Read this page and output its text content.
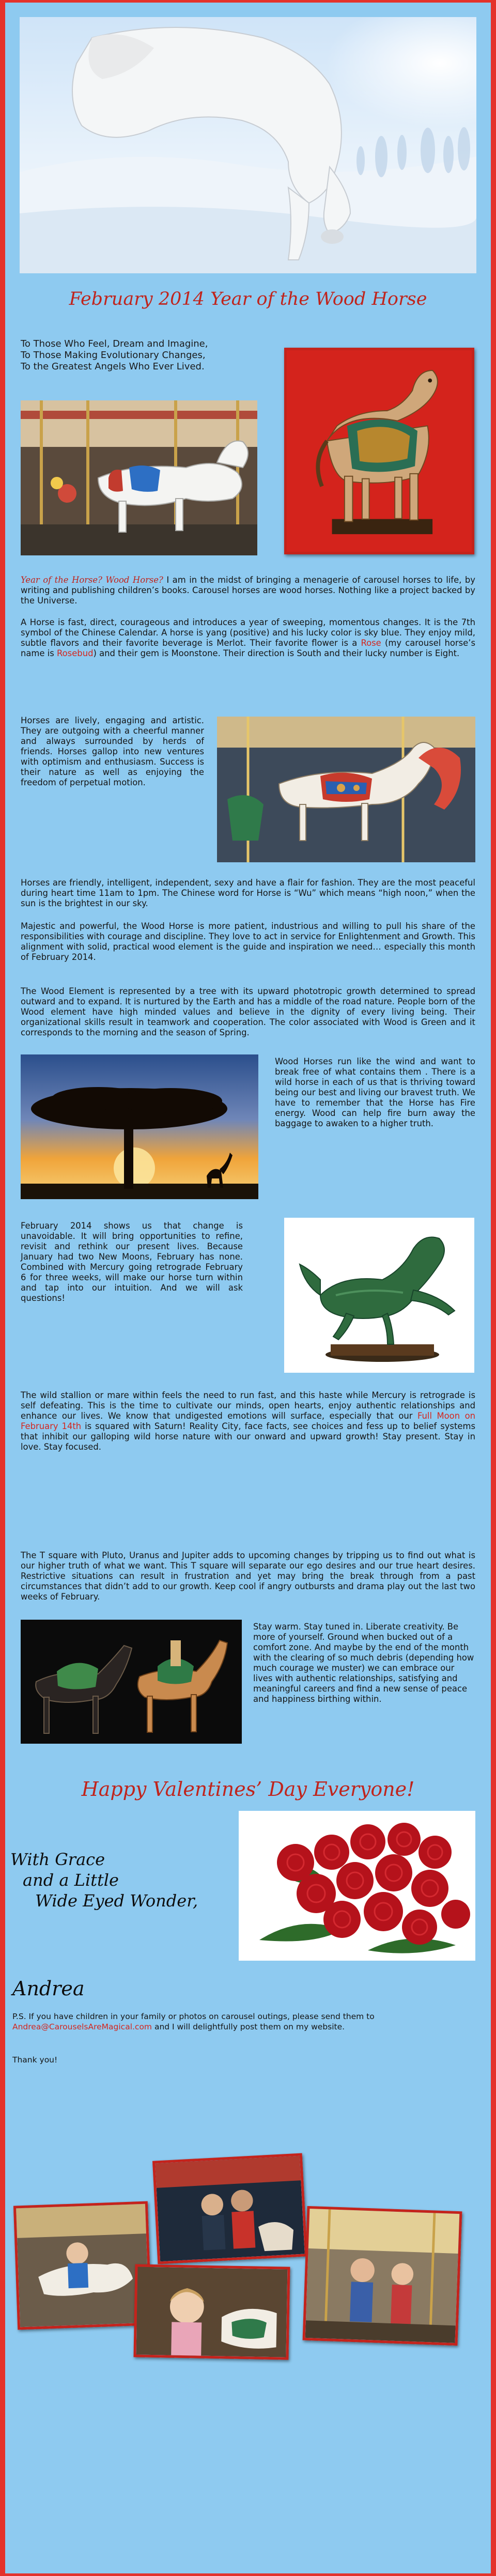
February 2014 Year of the Wood Horse
To Those Who Feel, Dream and Imagine,
To Those Making Evolutionary Changes,
To the Greatest Angels Who Ever Lived.
Year of the Horse? Wood Horse? I am in the midst of bringing a menagerie of carousel horses to life, by writing and publishing children’s books. Carousel horses are wood horses. Nothing like a project backed by the Universe.
A Horse is fast, direct, courageous and introduces a year of sweeping, momentous changes. It is the 7th symbol of the Chinese Calendar. A horse is yang (positive) and his lucky color is sky blue. They enjoy mild, subtle flavors and their favorite beverage is Merlot. Their favorite flower is a Rose (my carousel horse’s name is Rosebud) and their gem is Moonstone. Their direction is South and their lucky number is Eight.
Horses are lively, engaging and artistic. They are outgoing with a cheerful manner and always surrounded by herds of friends. Horses gallop into new ventures with optimism and enthusiasm. Success is their nature as well as enjoying the freedom of perpetual motion.
Horses are friendly, intelligent, independent, sexy and have a flair for fashion. They are the most peaceful during heart time 11am to 1pm. The Chinese word for Horse is “Wu” which means “high noon,” when the sun is the brightest in our sky.
Majestic and powerful, the Wood Horse is more patient, industrious and willing to pull his share of the responsibilities with courage and discipline. They love to act in service for Enlightenment and Growth. This alignment with solid, practical wood element is the guide and inspiration we need… especially this month of February 2014.
The Wood Element is represented by a tree with its upward phototropic growth determined to spread outward and to expand. It is nurtured by the Earth and has a middle of the road nature. People born of the Wood element have high minded values and believe in the dignity of every living being. Their organizational skills result in teamwork and cooperation. The color associated with Wood is Green and it corresponds to the morning and the season of Spring.
Wood Horses run like the wind and want to break free of what contains them . There is a wild horse in each of us that is thriving toward being our best and living our bravest truth. We have to remember that the Horse has Fire energy. Wood can help fire burn away the baggage to awaken to a higher truth.
February 2014 shows us that change is unavoidable. It will bring opportunities to refine, revisit and rethink our present lives. Because January had two New Moons, February has none. Combined with Mercury going retrograde February 6 for three weeks, will make our horse turn within and tap into our intuition. And we will ask questions!
The wild stallion or mare within feels the need to run fast, and this haste while Mercury is retrograde is self defeating. This is the time to cultivate our minds, open hearts, enjoy authentic relationships and enhance our lives. We know that undigested emotions will surface, especially that our Full Moon on February 14th is squared with Saturn! Reality City, face facts, see choices and fess up to belief systems that inhibit our galloping wild horse nature with our onward and upward growth! Stay present. Stay in love. Stay focused.
The T square with Pluto, Uranus and Jupiter adds to upcoming changes by tripping us to find out what is our higher truth of what we want. This T square will separate our ego desires and our true heart desires. Restrictive situations can result in frustration and yet may bring the break through from a past circumstances that didn’t add to our growth. Keep cool if angry outbursts and drama play out the last two weeks of February.
Stay warm. Stay tuned in. Liberate creativity. Be more of yourself. Ground when bucked out of a comfort zone. And maybe by the end of the month with the clearing of so much debris (depending how much courage we muster) we can embrace our lives with authentic relationships, satisfying and meaningful careers and find a new sense of peace and happiness birthing within.
Happy Valentines’ Day Everyone!
With Grace
and a Little
Wide Eyed Wonder,
Andrea
P.S. If you have children in your family or photos on carousel outings, please send them to Andrea@CarouselsAreMagical.com and I will delightfully post them on my website.
Thank you!
